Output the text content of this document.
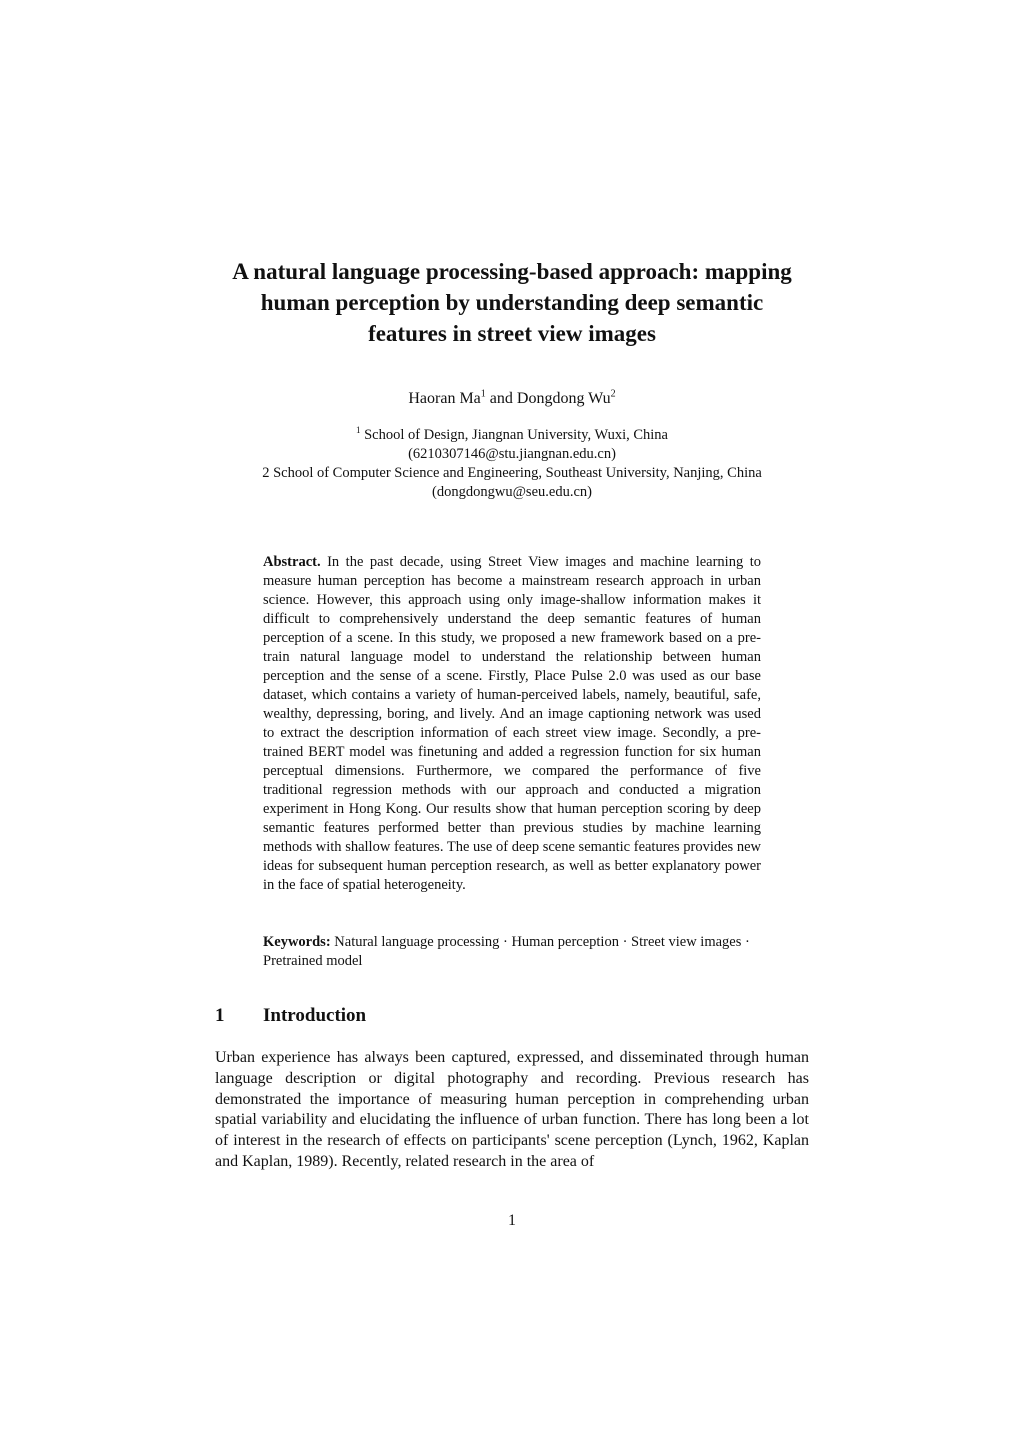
A natural language processing-based approach: mapping
human perception by understanding deep semantic
features in street view images
Haoran Ma$^1$ and Dongdong Wu$^2$
$^1$ School of Design, Jiangnan University, Wuxi, China
(6210307146@stu.jiangnan.edu.cn)
2 School of Computer Science and Engineering, Southeast University, Nanjing, China
(dongdongwu@seu.edu.cn)
Abstract. In the past decade, using Street View images and machine learning to measure human perception has become a mainstream research approach in urban science. However, this approach using only image-shallow information makes it difficult to comprehensively understand the deep semantic features of human perception of a scene. In this study, we proposed a new framework based on a pre-train natural language model to understand the relationship between human perception and the sense of a scene. Firstly, Place Pulse 2.0 was used as our base dataset, which contains a variety of human-perceived labels, namely, beautiful, safe, wealthy, depressing, boring, and lively. And an image captioning network was used to extract the description information of each street view image. Secondly, a pre-trained BERT model was finetuning and added a regression function for six human perceptual dimensions. Furthermore, we compared the performance of five traditional regression methods with our approach and conducted a migration experiment in Hong Kong. Our results show that human perception scoring by deep semantic features performed better than previous studies by machine learning methods with shallow features. The use of deep scene semantic features provides new ideas for subsequent human perception research, as well as better explanatory power in the face of spatial heterogeneity.
Keywords: Natural language processing · Human perception · Street view images · Pretrained model
1 Introduction
Urban experience has always been captured, expressed, and disseminated through human language description or digital photography and recording. Previous research has demonstrated the importance of measuring human perception in comprehending urban spatial variability and elucidating the influence of urban function. There has long been a lot of interest in the research of effects on participants' scene perception (Lynch, 1962, Kaplan and Kaplan, 1989). Recently, related research in the area of
1
